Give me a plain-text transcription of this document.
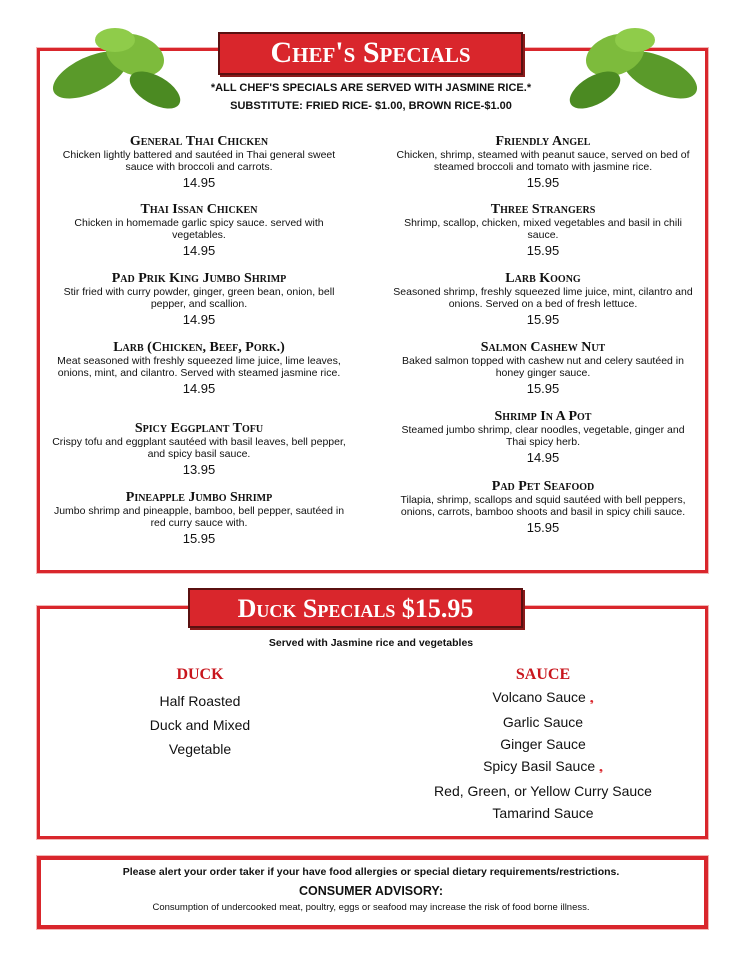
Chef's Specials
*ALL CHEF'S SPECIALS ARE SERVED WITH JASMINE RICE.*
SUBSTITUTE: FRIED RICE- $1.00, BROWN RICE-$1.00
General Thai Chicken
Chicken lightly battered and sautéed in Thai general sweet sauce with broccoli and carrots.
14.95
Thai Issan Chicken
Chicken in homemade garlic spicy sauce. served with vegetables.
14.95
Pad Prik King Jumbo Shrimp
Stir fried with curry powder, ginger, green bean, onion, bell pepper, and scallion.
14.95
Larb (Chicken, Beef, Pork.)
Meat seasoned with freshly squeezed lime juice, lime leaves, onions, mint, and cilantro. Served with steamed jasmine rice.
14.95
Spicy Eggplant Tofu
Crispy tofu and eggplant sautéed with basil leaves, bell pepper, and spicy basil sauce.
13.95
Pineapple Jumbo Shrimp
Jumbo shrimp and pineapple, bamboo, bell pepper, sautéed in red curry sauce with.
15.95
Friendly Angel
Chicken, shrimp, steamed with peanut sauce, served on bed of steamed broccoli and tomato with jasmine rice.
15.95
Three Strangers
Shrimp, scallop, chicken, mixed vegetables and basil in chili sauce.
15.95
Larb Koong
Seasoned shrimp, freshly squeezed lime juice, mint, cilantro and onions. Served on a bed of fresh lettuce.
15.95
Salmon Cashew Nut
Baked salmon topped with cashew nut and celery sautéed in honey ginger sauce.
15.95
Shrimp In A Pot
Steamed jumbo shrimp, clear noodles, vegetable, ginger and Thai spicy herb.
14.95
Pad Pet Seafood
Tilapia, shrimp, scallops and squid sautéed with bell peppers, onions, carrots, bamboo shoots and basil in spicy chili sauce.
15.95
Duck Specials $15.95
Served with Jasmine rice and vegetables
DUCK
Half Roasted
Duck and Mixed
Vegetable
SAUCE
Volcano Sauce ❟
Garlic Sauce
Ginger Sauce
Spicy Basil Sauce ❟
Red, Green, or Yellow Curry Sauce
Tamarind Sauce
Please alert your order taker if your have food allergies or special dietary requirements/restrictions.
CONSUMER ADVISORY:
Consumption of undercooked meat, poultry, eggs or seafood may increase the risk of food borne illness.
